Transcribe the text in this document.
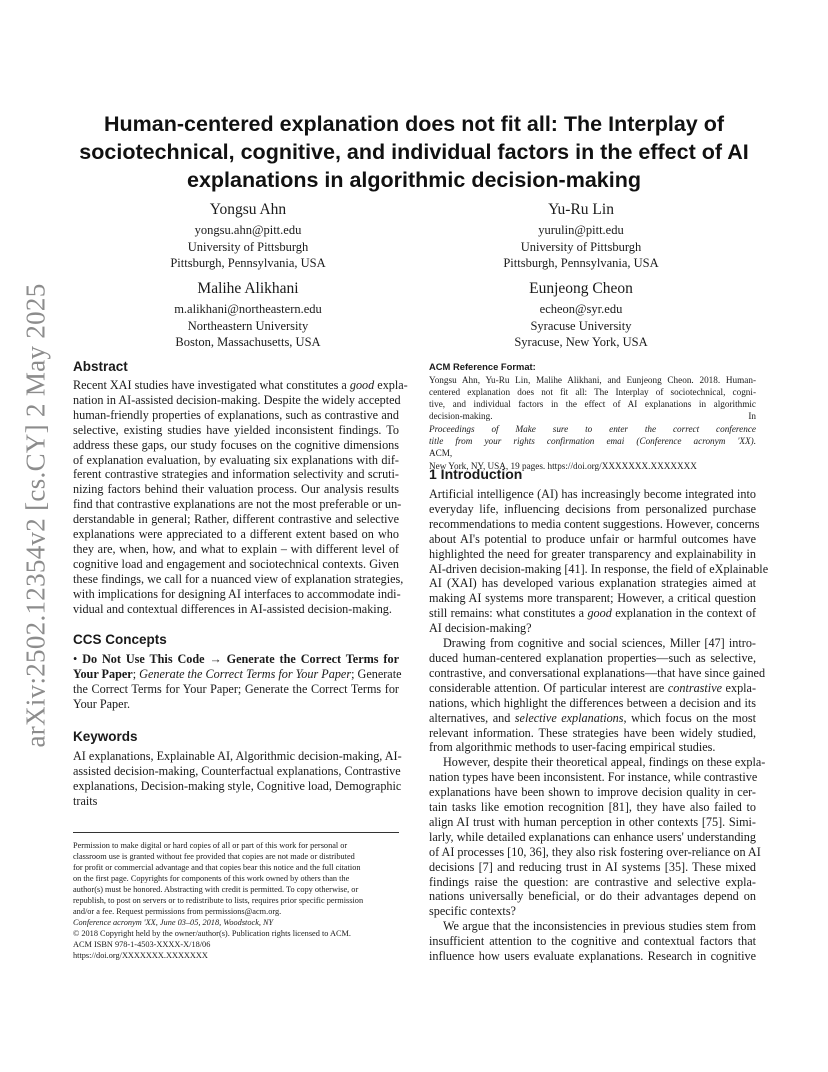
arXiv:2502.12354v2 [cs.CY] 2 May 2025
Human-centered explanation does not fit all: The Interplay of
sociotechnical, cognitive, and individual factors in the effect of AI
explanations in algorithmic decision-making
Yongsu Ahn
yongsu.ahn@pitt.edu
University of Pittsburgh
Pittsburgh, Pennsylvania, USA
Yu-Ru Lin
yurulin@pitt.edu
University of Pittsburgh
Pittsburgh, Pennsylvania, USA
Malihe Alikhani
m.alikhani@northeastern.edu
Northeastern University
Boston, Massachusetts, USA
Eunjeong Cheon
echeon@syr.edu
Syracuse University
Syracuse, New York, USA
Abstract
Recent XAI studies have investigated what constitutes a good expla-
nation in AI-assisted decision-making. Despite the widely accepted
human-friendly properties of explanations, such as contrastive and
selective, existing studies have yielded inconsistent findings. To
address these gaps, our study focuses on the cognitive dimensions
of explanation evaluation, by evaluating six explanations with dif-
ferent contrastive strategies and information selectivity and scruti-
nizing factors behind their valuation process. Our analysis results
find that contrastive explanations are not the most preferable or un-
derstandable in general; Rather, different contrastive and selective
explanations were appreciated to a different extent based on who
they are, when, how, and what to explain – with different level of
cognitive load and engagement and sociotechnical contexts. Given
these findings, we call for a nuanced view of explanation strategies,
with implications for designing AI interfaces to accommodate indi-
vidual and contextual differences in AI-assisted decision-making.
CCS Concepts
• Do Not Use This Code → Generate the Correct Terms for
Your Paper; Generate the Correct Terms for Your Paper; Generate
the Correct Terms for Your Paper; Generate the Correct Terms for
Your Paper.
Keywords
AI explanations, Explainable AI, Algorithmic decision-making, AI-
assisted decision-making, Counterfactual explanations, Contrastive
explanations, Decision-making style, Cognitive load, Demographic
traits
Permission to make digital or hard copies of all or part of this work for personal or
classroom use is granted without fee provided that copies are not made or distributed
for profit or commercial advantage and that copies bear this notice and the full citation
on the first page. Copyrights for components of this work owned by others than the
author(s) must be honored. Abstracting with credit is permitted. To copy otherwise, or
republish, to post on servers or to redistribute to lists, requires prior specific permission
and/or a fee. Request permissions from permissions@acm.org.
Conference acronym 'XX, June 03–05, 2018, Woodstock, NY
© 2018 Copyright held by the owner/author(s). Publication rights licensed to ACM.
ACM ISBN 978-1-4503-XXXX-X/18/06
https://doi.org/XXXXXXX.XXXXXXX
ACM Reference Format:
Yongsu Ahn, Yu-Ru Lin, Malihe Alikhani, and Eunjeong Cheon. 2018. Human-
centered explanation does not fit all: The Interplay of sociotechnical, cogni-
tive, and individual factors in the effect of AI explanations in algorithmic
decision-making. In
Proceedings of Make sure to enter the correct conference
title from your rights confirmation emai (Conference acronym 'XX).
ACM,
New York, NY, USA, 19 pages. https://doi.org/XXXXXXX.XXXXXXX
1 Introduction
Artificial intelligence (AI) has increasingly become integrated into
everyday life, influencing decisions from personalized purchase
recommendations to media content suggestions. However, concerns
about AI's potential to produce unfair or harmful outcomes have
highlighted the need for greater transparency and explainability in
AI-driven decision-making [41]. In response, the field of eXplainable
AI (XAI) has developed various explanation strategies aimed at
making AI systems more transparent; However, a critical question
still remains: what constitutes a good explanation in the context of
AI decision-making?
Drawing from cognitive and social sciences, Miller [47] intro-
duced human-centered explanation properties—such as selective,
contrastive, and conversational explanations—that have since gained
considerable attention. Of particular interest are contrastive expla-
nations, which highlight the differences between a decision and its
alternatives, and selective explanations, which focus on the most
relevant information. These strategies have been widely studied,
from algorithmic methods to user-facing empirical studies.
However, despite their theoretical appeal, findings on these expla-
nation types have been inconsistent. For instance, while contrastive
explanations have been shown to improve decision quality in cer-
tain tasks like emotion recognition [81], they have also failed to
align AI trust with human perception in other contexts [75]. Simi-
larly, while detailed explanations can enhance users' understanding
of AI processes [10, 36], they also risk fostering over-reliance on AI
decisions [7] and reducing trust in AI systems [35]. These mixed
findings raise the question: are contrastive and selective expla-
nations universally beneficial, or do their advantages depend on
specific contexts?
We argue that the inconsistencies in previous studies stem from
insufficient attention to the cognitive and contextual factors that
influence how users evaluate explanations. Research in cognitive
